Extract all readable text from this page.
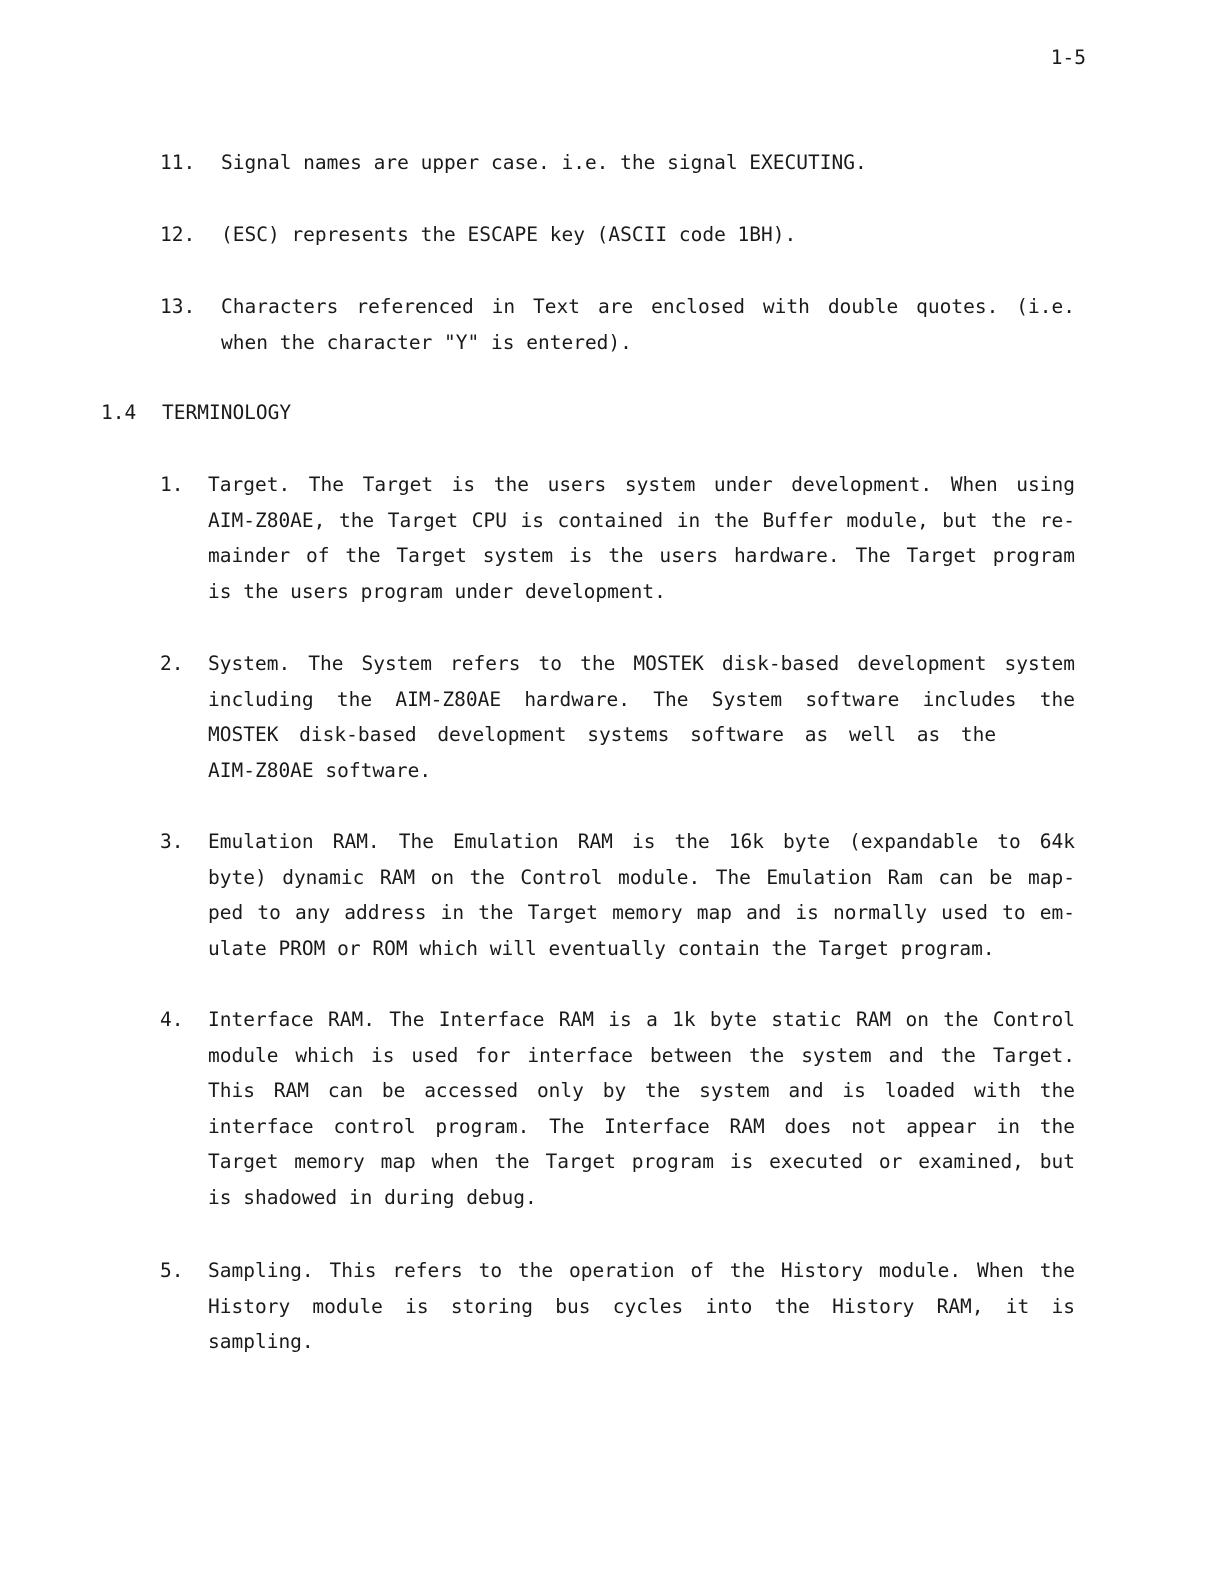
1-5
11. Signal names are upper case. i.e. the signal EXECUTING.
12. (ESC) represents the ESCAPE key (ASCII code 1BH).
13. Characters referenced in Text are enclosed with double quotes. (i.e.
when the character "Y" is entered).
1.4 TERMINOLOGY
1. Target. The Target is the users system under development. When using
AIM-Z80AE, the Target CPU is contained in the Buffer module, but the re-
mainder of the Target system is the users hardware. The Target program
is the users program under development.
2. System. The System refers to the MOSTEK disk-based development system
including the AIM-Z80AE hardware. The System software includes the
MOSTEK disk-based development systems software as well as the
AIM-Z80AE software.
3. Emulation RAM. The Emulation RAM is the 16k byte (expandable to 64k
byte) dynamic RAM on the Control module. The Emulation Ram can be map-
ped to any address in the Target memory map and is normally used to em-
ulate PROM or ROM which will eventually contain the Target program.
4. Interface RAM. The Interface RAM is a 1k byte static RAM on the Control
module which is used for interface between the system and the Target.
This RAM can be accessed only by the system and is loaded with the
interface control program. The Interface RAM does not appear in the
Target memory map when the Target program is executed or examined, but
is shadowed in during debug.
5. Sampling. This refers to the operation of the History module. When the
History module is storing bus cycles into the History RAM, it is
sampling.
